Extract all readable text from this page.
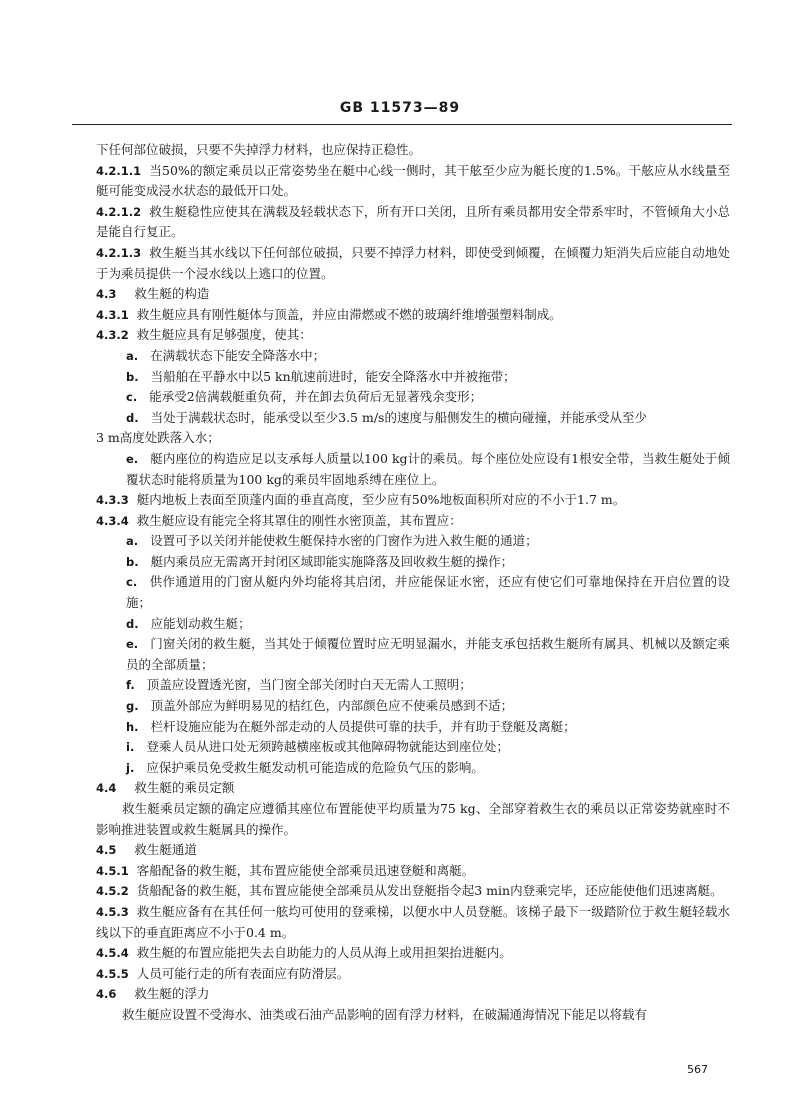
GB 11573—89

下任何部位破损，只要不失掉浮力材料，也应保持正稳性。

4.2.1.1 当50%的额定乘员以正常姿势坐在艇中心线一侧时，其干舷至少应为艇长度的1.5%。干舷应从水线量至艇可能变成浸水状态的最低开口处。

4.2.1.2 救生艇稳性应使其在满载及轻载状态下，所有开口关闭，且所有乘员都用安全带系牢时，不管倾角大小总是能自行复正。

4.2.1.3 救生艇当其水线以下任何部位破损，只要不掉浮力材料，即使受到倾覆，在倾覆力矩消失后应能自动地处于为乘员提供一个浸水线以上逃口的位置。

4.3 救生艇的构造

4.3.1 救生艇应具有刚性艇体与顶盖，并应由滞燃或不燃的玻璃纤维增强塑料制成。

4.3.2 救生艇应具有足够强度，使其：

a. 在满载状态下能安全降落水中；

b. 当船舶在平静水中以5 kn航速前进时，能安全降落水中并被拖带；

c. 能承受2倍满载艇重负荷，并在卸去负荷后无显著残余变形；

d. 当处于满载状态时，能承受以至少3.5 m/s的速度与船侧发生的横向碰撞，并能承受从至少

3 m高度处跌落入水；

e. 艇内座位的构造应足以支承每人质量以100 kg计的乘员。每个座位处应设有1根安全带，当救生艇处于倾覆状态时能将质量为100 kg的乘员牢固地系缚在座位上。

4.3.3 艇内地板上表面至顶蓬内面的垂直高度，至少应有50%地板面积所对应的不小于1.7 m。

4.3.4 救生艇应设有能完全将其罩住的刚性水密顶盖，其布置应：

a. 设置可予以关闭并能使救生艇保持水密的门窗作为进入救生艇的通道；

b. 艇内乘员应无需离开封闭区域即能实施降落及回收救生艇的操作；

c. 供作通道用的门窗从艇内外均能将其启闭，并应能保证水密，还应有使它们可靠地保持在开启位置的设施；

d. 应能划动救生艇；

e. 门窗关闭的救生艇，当其处于倾覆位置时应无明显漏水，并能支承包括救生艇所有属具、机械以及额定乘员的全部质量；

f. 顶盖应设置透光窗，当门窗全部关闭时白天无需人工照明；

g. 顶盖外部应为鲜明易见的桔红色，内部颜色应不使乘员感到不适；

h. 栏杆设施应能为在艇外部走动的人员提供可靠的扶手，并有助于登艇及离艇；

i. 登乘人员从进口处无须跨越横座板或其他障碍物就能达到座位处；

j. 应保护乘员免受救生艇发动机可能造成的危险负气压的影响。

4.4 救生艇的乘员定额

救生艇乘员定额的确定应遵循其座位布置能使平均质量为75 kg、全部穿着救生衣的乘员以正常姿势就座时不影响推进装置或救生艇属具的操作。

4.5 救生艇通道

4.5.1 客船配备的救生艇，其布置应能使全部乘员迅速登艇和离艇。

4.5.2 货船配备的救生艇，其布置应能使全部乘员从发出登艇指令起3 min内登乘完毕，还应能使他们迅速离艇。

4.5.3 救生艇应备有在其任何一舷均可使用的登乘梯，以便水中人员登艇。该梯子最下一级踏阶位于救生艇轻载水线以下的垂直距离应不小于0.4 m。

4.5.4 救生艇的布置应能把失去自助能力的人员从海上或用担架抬进艇内。

4.5.5 人员可能行走的所有表面应有防滑层。

4.6 救生艇的浮力

救生艇应设置不受海水、油类或石油产品影响的固有浮力材料，在破漏通海情况下能足以将载有

567
